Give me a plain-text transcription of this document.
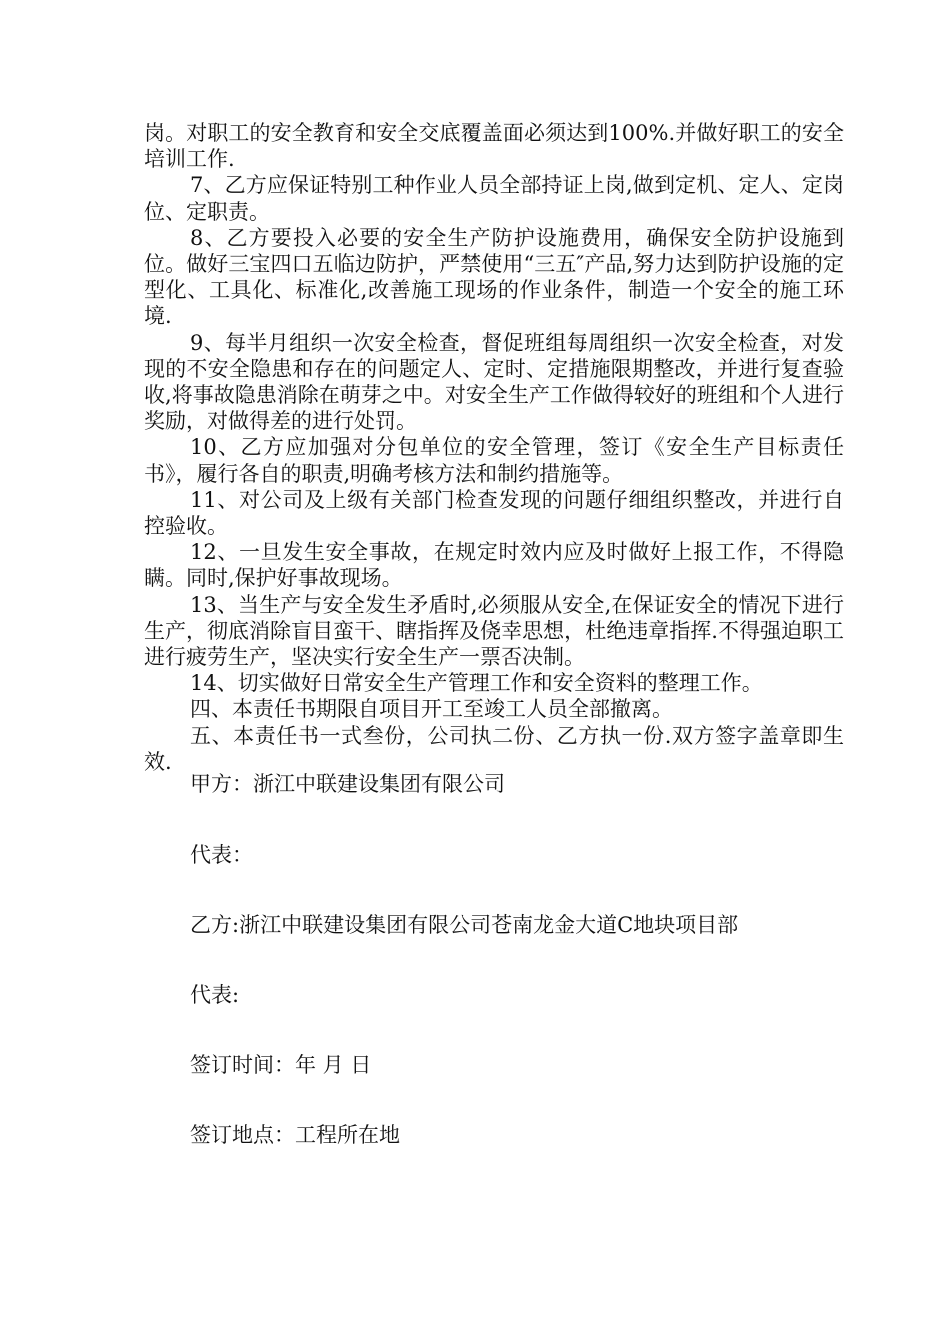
岗。对职工的安全教育和安全交底覆盖面必须达到100%.并做好职工的安全培训工作.

7、乙方应保证特别工种作业人员全部持证上岗,做到定机、定人、定岗位、定职责。

8、乙方要投入必要的安全生产防护设施费用，确保安全防护设施到位。做好三宝四口五临边防护，严禁使用“三五″产品,努力达到防护设施的定型化、工具化、标准化,改善施工现场的作业条件，制造一个安全的施工环境.

9、每半月组织一次安全检查，督促班组每周组织一次安全检查，对发现的不安全隐患和存在的问题定人、定时、定措施限期整改，并进行复查验收,将事故隐患消除在萌芽之中。对安全生产工作做得较好的班组和个人进行奖励，对做得差的进行处罚。

10、乙方应加强对分包单位的安全管理，签订《安全生产目标责任书》，履行各自的职责,明确考核方法和制约措施等。

11、对公司及上级有关部门检查发现的问题仔细组织整改，并进行自控验收。

12、一旦发生安全事故，在规定时效内应及时做好上报工作，不得隐瞒。同时,保护好事故现场。

13、当生产与安全发生矛盾时,必须服从安全,在保证安全的情况下进行生产，彻底消除盲目蛮干、瞎指挥及侥幸思想，杜绝违章指挥.不得强迫职工进行疲劳生产，坚决实行安全生产一票否决制。

14、切实做好日常安全生产管理工作和安全资料的整理工作。

四、本责任书期限自项目开工至竣工人员全部撤离。

五、本责任书一式叁份，公司执二份、乙方执一份.双方签字盖章即生效.

甲方：浙江中联建设集团有限公司
代表：
乙方:浙江中联建设集团有限公司苍南龙金大道C地块项目部
代表:
签订时间：年 月 日
签订地点：工程所在地
